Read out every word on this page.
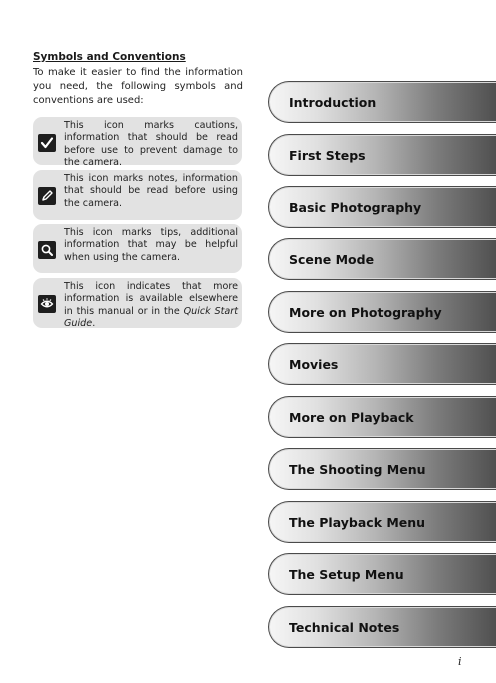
Symbols and Conventions

To make it easier to find the information you need, the following symbols and conventions are used:

This icon marks cautions, information that should be read before use to prevent damage to the camera.

This icon marks notes, information that should be read before using the camera.

This icon marks tips, additional information that may be helpful when using the camera.

This icon indicates that more information is available elsewhere in this manual or in the Quick Start Guide.

Introduction
First Steps
Basic Photography
Scene Mode
More on Photography
Movies
More on Playback
The Shooting Menu
The Playback Menu
The Setup Menu
Technical Notes
i
